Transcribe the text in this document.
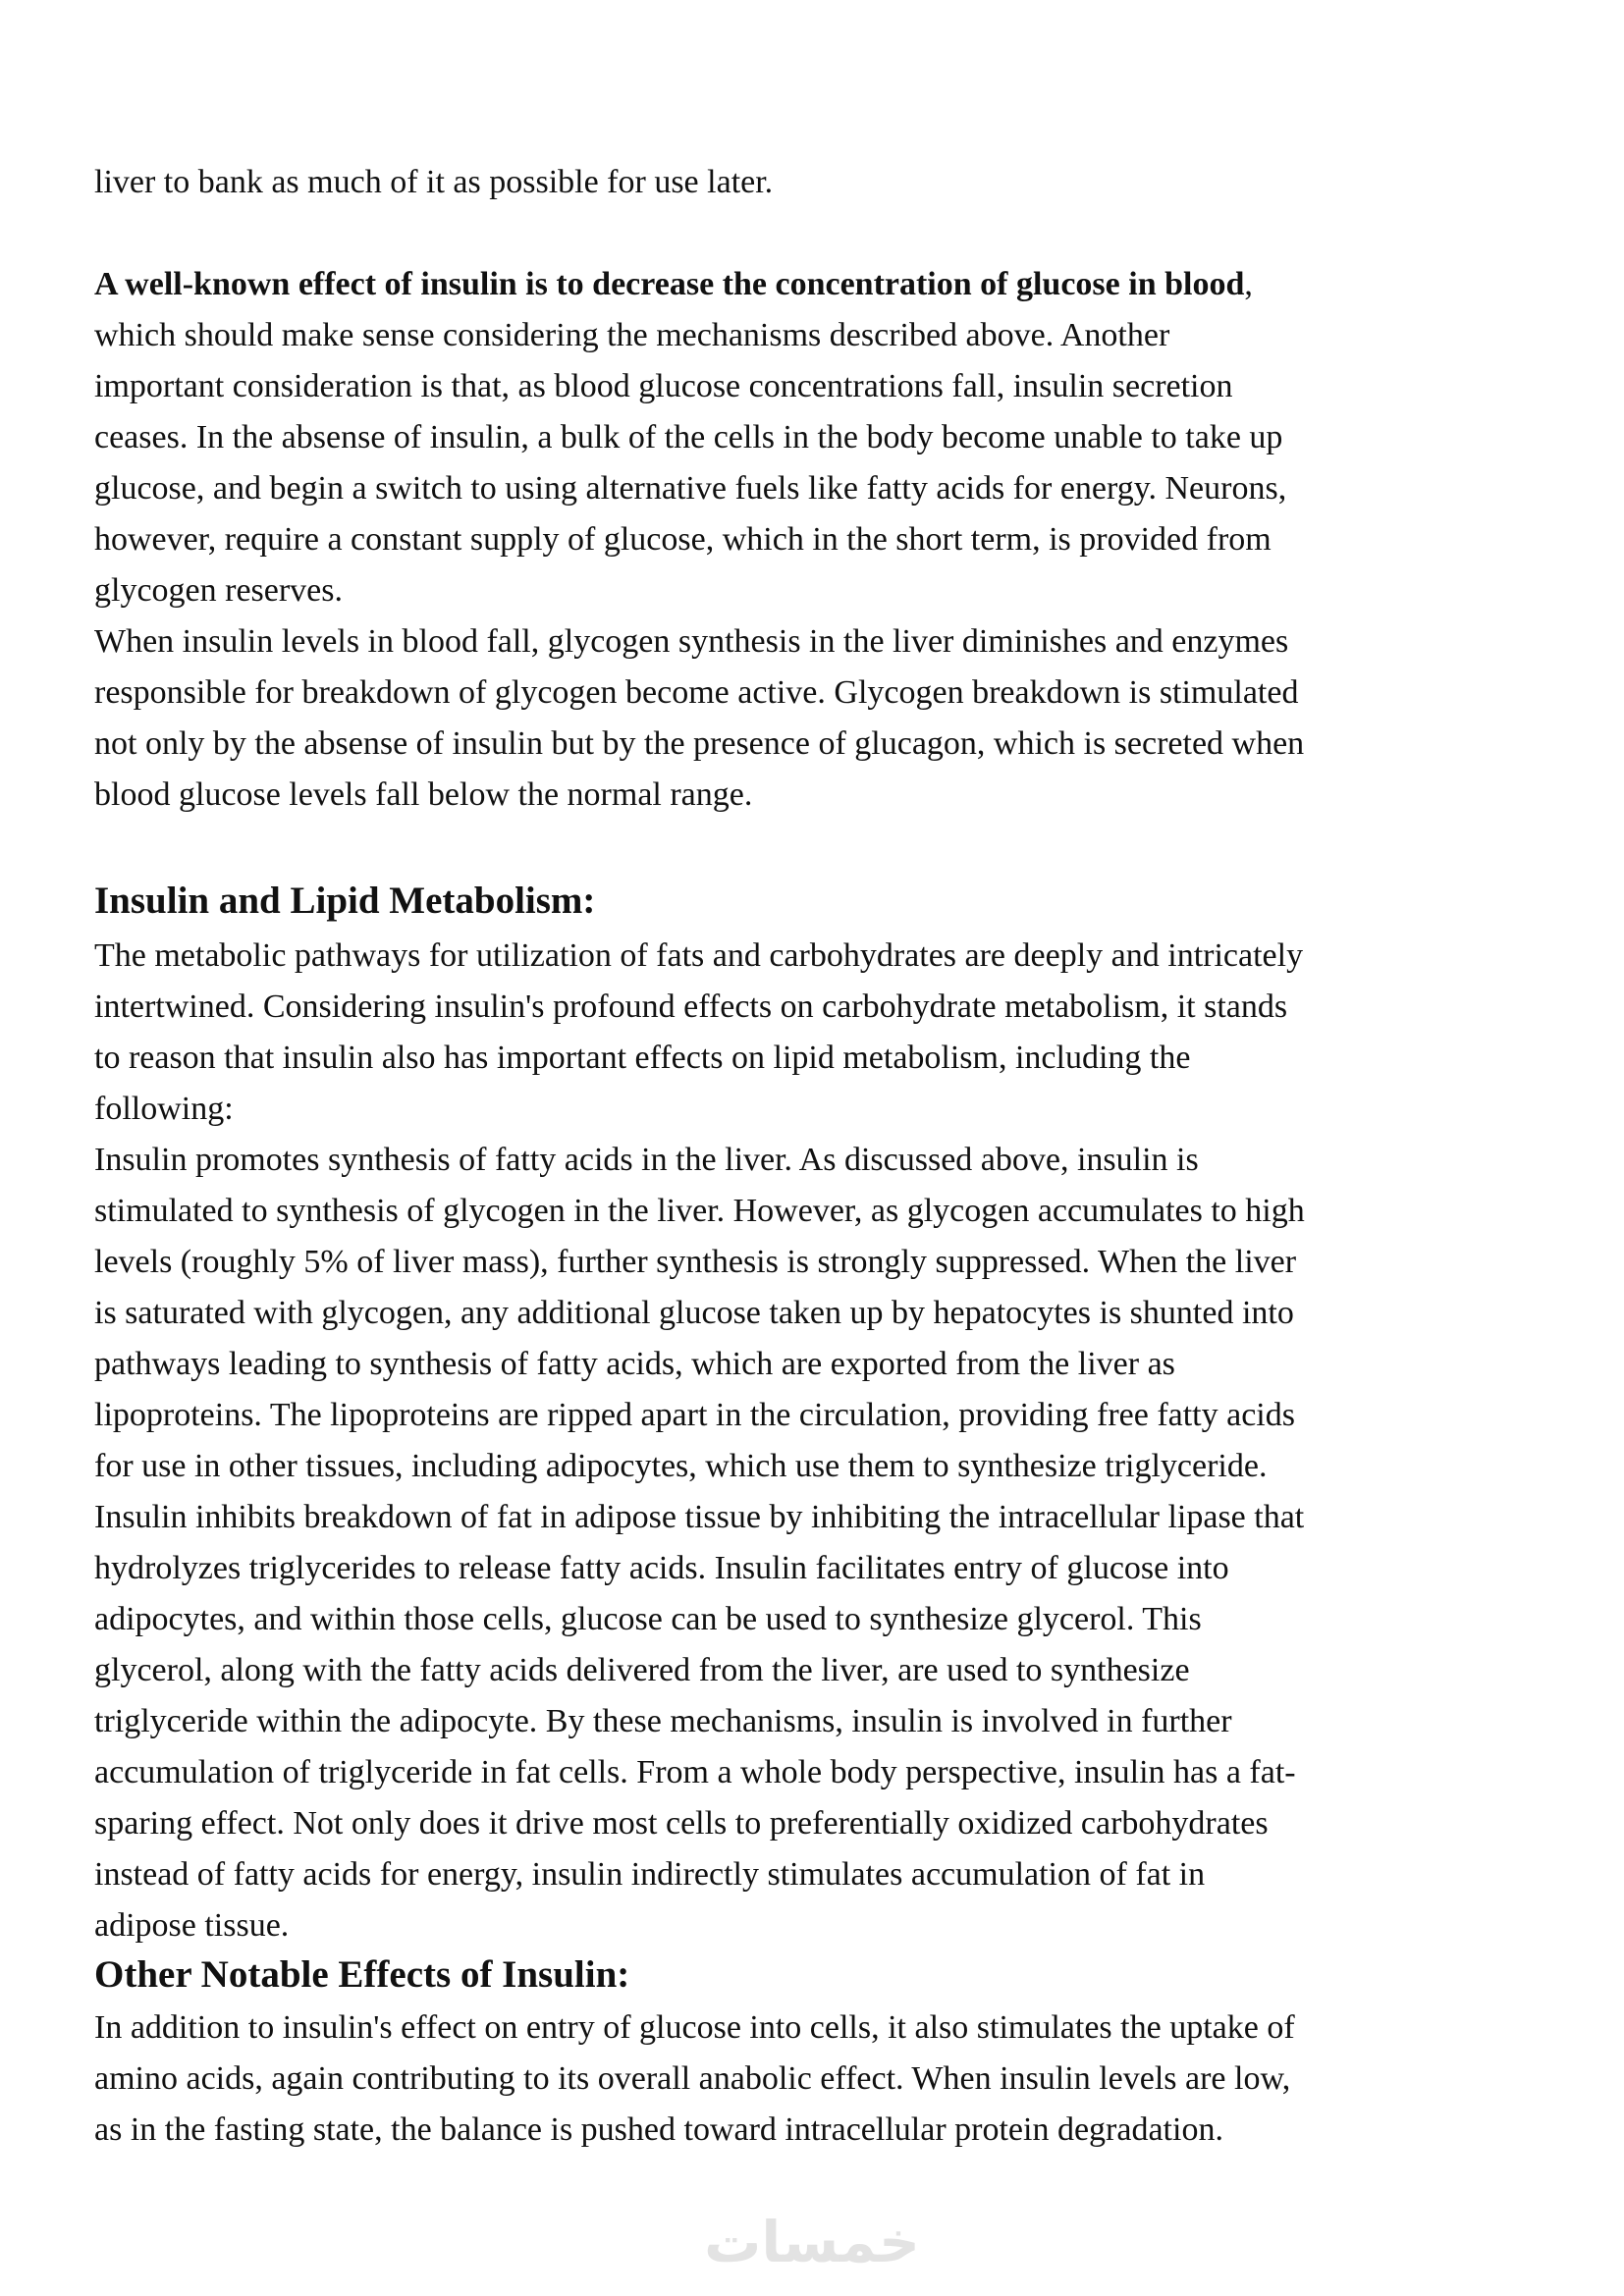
liver to bank as much of it as possible for use later.
A well-known effect of insulin is to decrease the concentration of glucose in blood,
which should make sense considering the mechanisms described above. Another
important consideration is that, as blood glucose concentrations fall, insulin secretion
ceases. In the absense of insulin, a bulk of the cells in the body become unable to take up
glucose, and begin a switch to using alternative fuels like fatty acids for energy. Neurons,
however, require a constant supply of glucose, which in the short term, is provided from
glycogen reserves.
When insulin levels in blood fall, glycogen synthesis in the liver diminishes and enzymes
responsible for breakdown of glycogen become active. Glycogen breakdown is stimulated
not only by the absense of insulin but by the presence of glucagon, which is secreted when
blood glucose levels fall below the normal range.
Insulin and Lipid Metabolism:
The metabolic pathways for utilization of fats and carbohydrates are deeply and intricately
intertwined. Considering insulin's profound effects on carbohydrate metabolism, it stands
to reason that insulin also has important effects on lipid metabolism, including the
following:
Insulin promotes synthesis of fatty acids in the liver. As discussed above, insulin is
stimulated to synthesis of glycogen in the liver. However, as glycogen accumulates to high
levels (roughly 5% of liver mass), further synthesis is strongly suppressed. When the liver
is saturated with glycogen, any additional glucose taken up by hepatocytes is shunted into
pathways leading to synthesis of fatty acids, which are exported from the liver as
lipoproteins. The lipoproteins are ripped apart in the circulation, providing free fatty acids
for use in other tissues, including adipocytes, which use them to synthesize triglyceride.
Insulin inhibits breakdown of fat in adipose tissue by inhibiting the intracellular lipase that
hydrolyzes triglycerides to release fatty acids. Insulin facilitates entry of glucose into
adipocytes, and within those cells, glucose can be used to synthesize glycerol. This
glycerol, along with the fatty acids delivered from the liver, are used to synthesize
triglyceride within the adipocyte. By these mechanisms, insulin is involved in further
accumulation of triglyceride in fat cells. From a whole body perspective, insulin has a fat-
sparing effect. Not only does it drive most cells to preferentially oxidized carbohydrates
instead of fatty acids for energy, insulin indirectly stimulates accumulation of fat in
adipose tissue.
Other Notable Effects of Insulin:
In addition to insulin's effect on entry of glucose into cells, it also stimulates the uptake of
amino acids, again contributing to its overall anabolic effect. When insulin levels are low,
as in the fasting state, the balance is pushed toward intracellular protein degradation.
خمسات
